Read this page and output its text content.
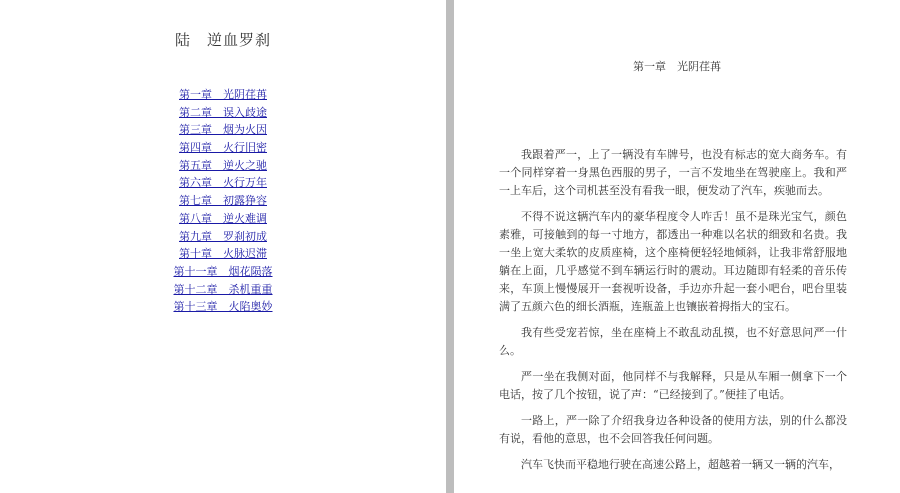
陆　逆血罗刹
第一章　光阴荏苒
第二章　误入歧途
第三章　烟为火因
第四章　火行旧密
第五章　逆火之驰
第六章　火行万年
第七章　初露狰容
第八章　逆火难调
第九章　罗刹初成
第十章　火脉迟滞
第十一章　烟花陨落
第十二章　杀机重重
第十三章　火陷奥妙
第一章　光阴荏苒

我跟着严一，上了一辆没有车牌号，也没有标志的宽大商务车。有一个同样穿着一身黑色西服的男子，一言不发地坐在驾驶座上。我和严一上车后，这个司机甚至没有看我一眼，便发动了汽车，疾驰而去。

不得不说这辆汽车内的豪华程度令人咋舌！虽不是珠光宝气，颜色素雅，可接触到的每一寸地方，都透出一种难以名状的细致和名贵。我一坐上宽大柔软的皮质座椅，这个座椅便轻轻地倾斜，让我非常舒服地躺在上面，几乎感觉不到车辆运行时的震动。耳边随即有轻柔的音乐传来，车顶上慢慢展开一套视听设备，手边亦升起一套小吧台，吧台里装满了五颜六色的细长酒瓶，连瓶盖上也镶嵌着拇指大的宝石。

我有些受宠若惊，坐在座椅上不敢乱动乱摸，也不好意思问严一什么。

严一坐在我侧对面，他同样不与我解释，只是从车厢一侧拿下一个电话，按了几个按钮，说了声：“已经接到了。”便挂了电话。

一路上，严一除了介绍我身边各种设备的使用方法，别的什么都没有说，看他的意思，也不会回答我任何问题。

汽车飞快而平稳地行驶在高速公路上，超越着一辆又一辆的汽车，
